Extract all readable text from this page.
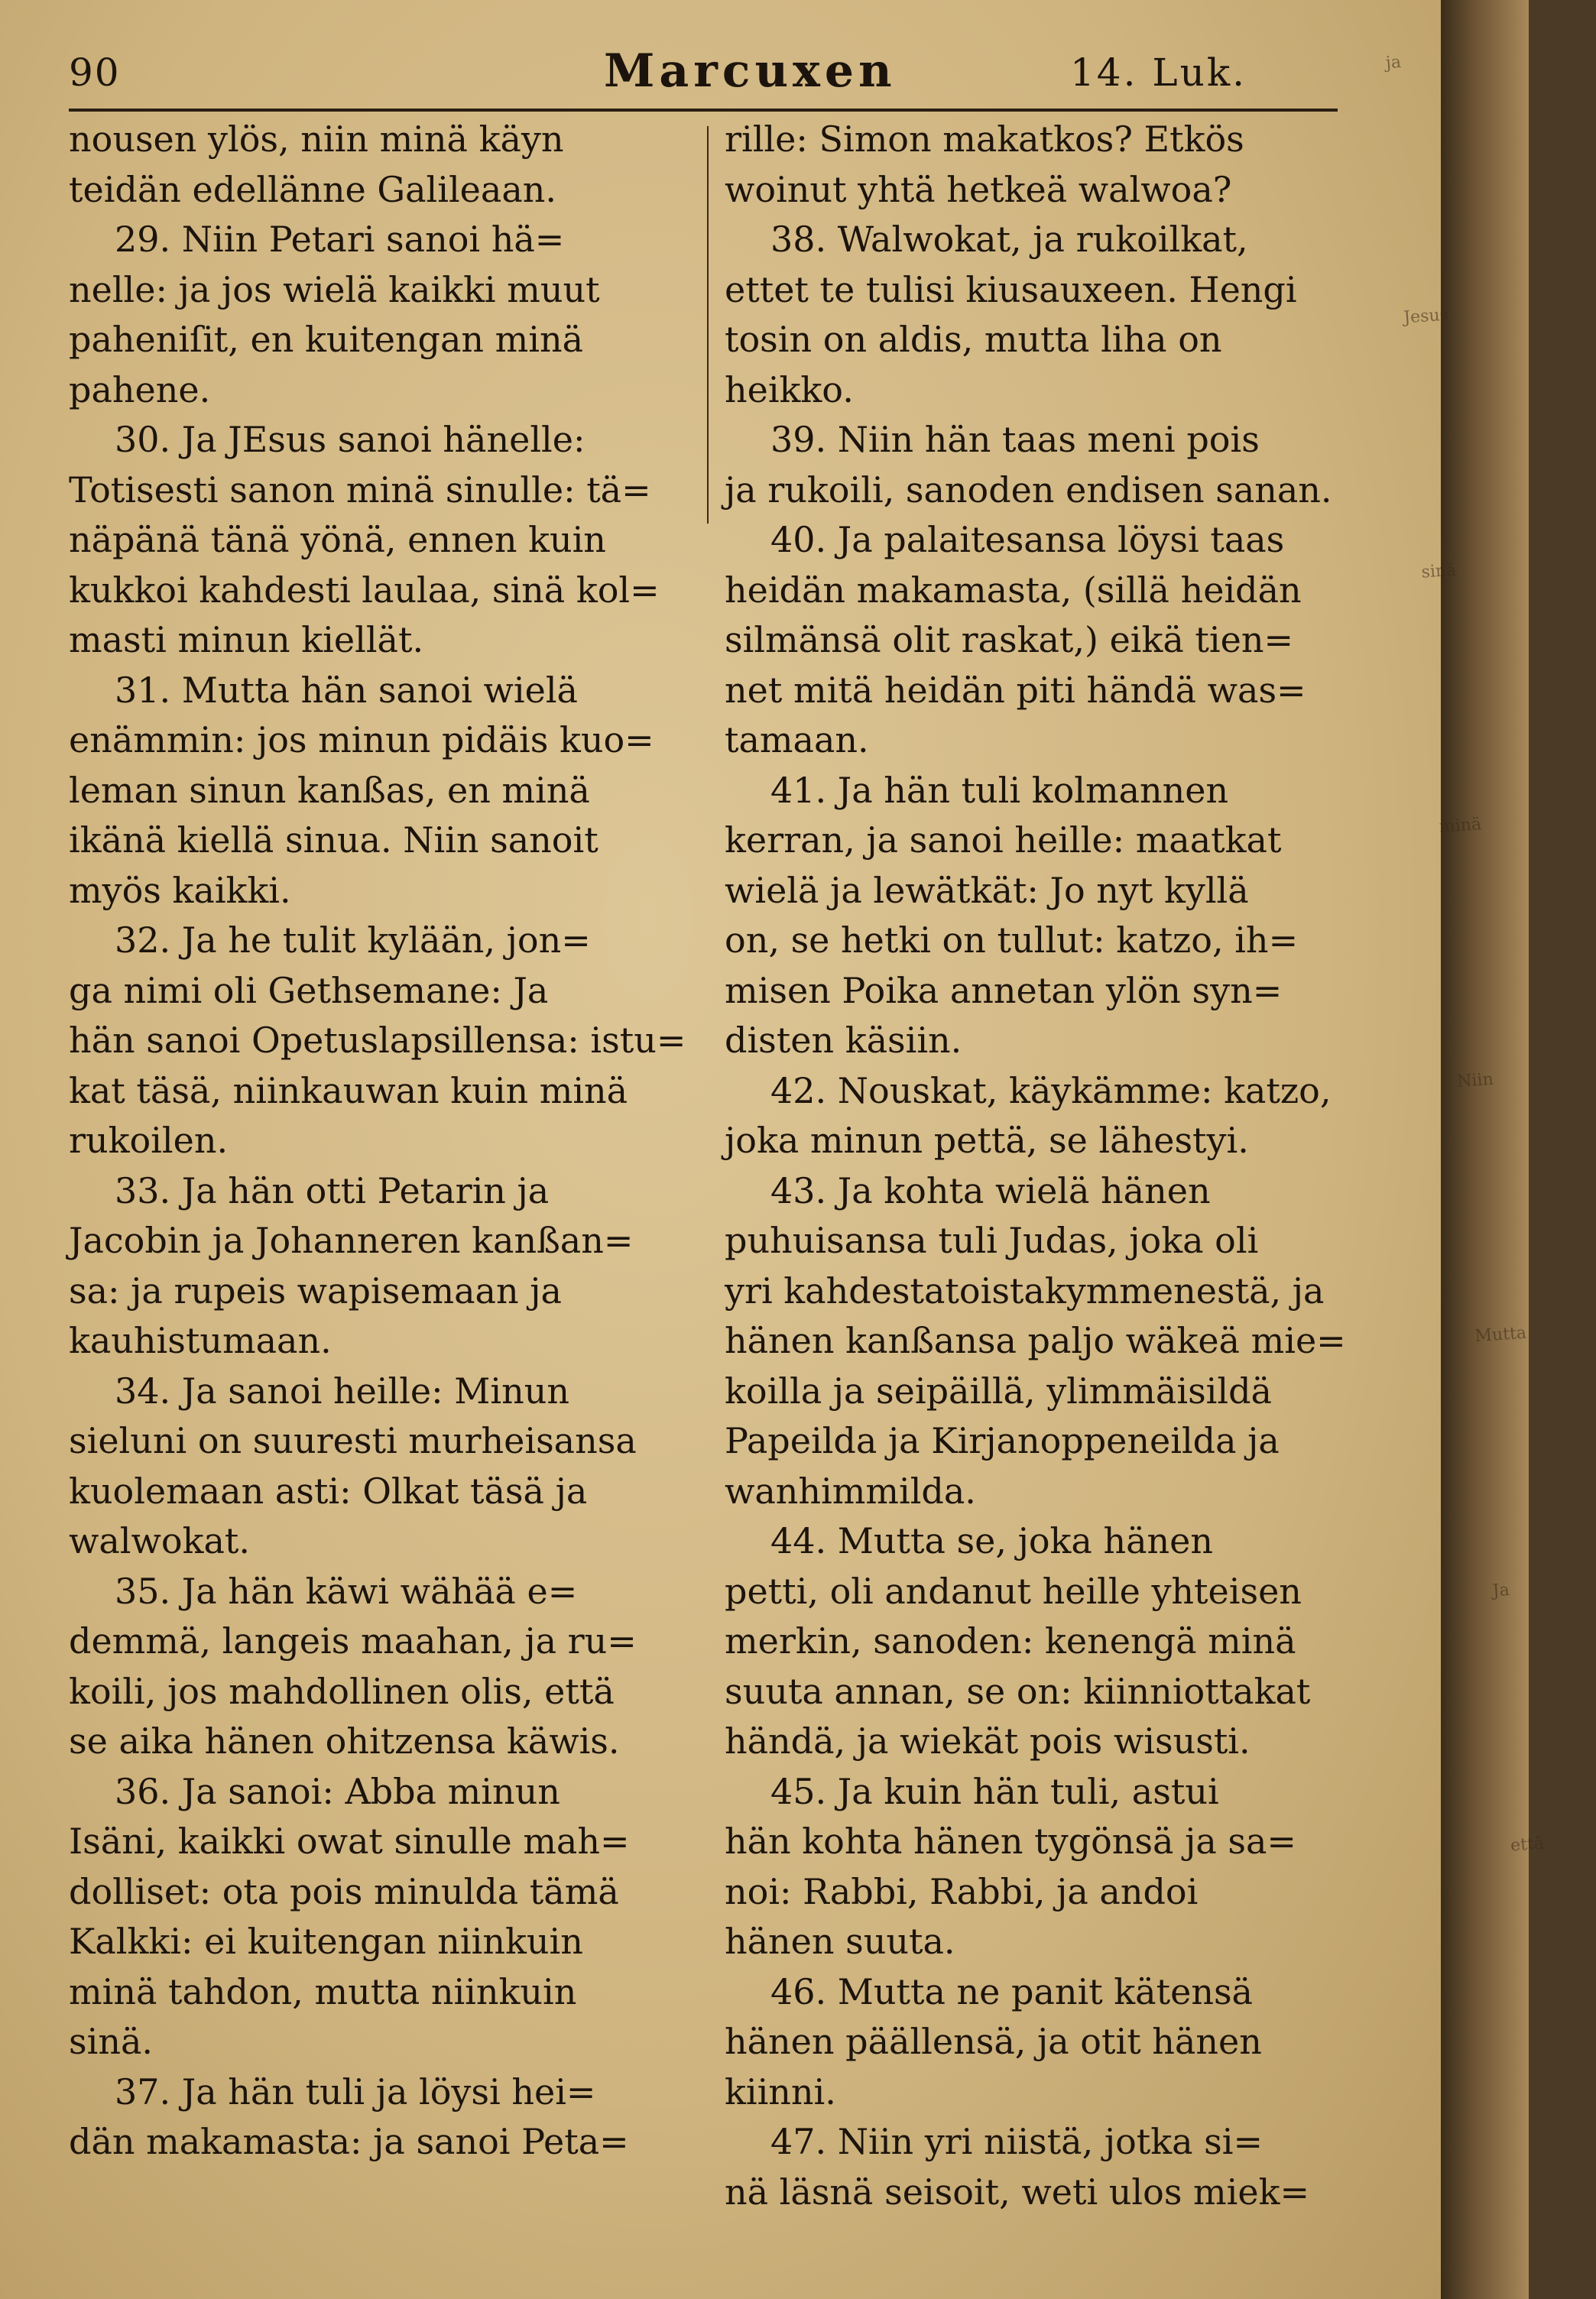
90	Marcuxen	14. Luk.
nousen ylös, niin minä käyn
teidän edellänne Galileaan.
29. Niin Petari sanoi hä=
nelle: ja jos wielä kaikki muut
paheniſit, en kuitengan minä
pahene.
30. Ja JEsus sanoi hänelle:
Totisesti sanon minä sinulle: tä=
näpänä tänä yönä, ennen kuin
kukkoi kahdesti laulaa, sinä kol=
masti minun kiellät.
31. Mutta hän sanoi wielä
enämmin: jos minun pidäis kuo=
leman sinun kanßas, en minä
ikänä kiellä sinua. Niin sanoit
myös kaikki.
32. Ja he tulit kylään, jon=
ga nimi oli Gethsemane: Ja
hän sanoi Opetuslapsillensa: istu=
kat täsä, niinkauwan kuin minä
rukoilen.
33. Ja hän otti Petarin ja
Jacobin ja Johanneren kanßan=
sa: ja rupeis wapisemaan ja
kauhistumaan.
34. Ja sanoi heille: Minun
sieluni on suuresti murheisansa
kuolemaan asti: Olkat täsä ja
walwokat.
35. Ja hän käwi wähää e=
demmä, langeis maahan, ja ru=
koili, jos mahdollinen olis, että
se aika hänen ohitzensa käwis.
36. Ja sanoi: Abba minun
Isäni, kaikki owat sinulle mah=
dolliset: ota pois minulda tämä
Kalkki: ei kuitengan niinkuin
minä tahdon, mutta niinkuin
sinä.
37. Ja hän tuli ja löysi hei=
dän makamasta: ja sanoi Peta=
rille: Simon makatkos? Etkös
woinut yhtä hetkeä walwoa?
38. Walwokat, ja rukoilkat,
ettet te tulisi kiusauxeen. Hengi
tosin on aldis, mutta liha on
heikko.
39. Niin hän taas meni pois
ja rukoili, sanoden endisen sanan.
40. Ja palaitesansa löysi taas
heidän makamasta, (sillä heidän
silmänsä olit raskat,) eikä tien=
net mitä heidän piti händä was=
tamaan.
41. Ja hän tuli kolmannen
kerran, ja sanoi heille: maatkat
wielä ja lewätkät: Jo nyt kyllä
on, se hetki on tullut: katzo, ih=
misen Poika annetan ylön syn=
disten käsiin.
42. Nouskat, käykämme: katzo,
joka minun pettä, se lähestyi.
43. Ja kohta wielä hänen
puhuisansa tuli Judas, joka oli
yri kahdestatoistakymmenestä, ja
hänen kanßansa paljo wäkeä mie=
koilla ja seipäillä, ylimmäisildä
Papeilda ja Kirjanoppeneilda ja
wanhimmilda.
44. Mutta se, joka hänen
petti, oli andanut heille yhteisen
merkin, sanoden: kenengä minä
suuta annan, se on: kiinniottakat
händä, ja wiekät pois wisusti.
45. Ja kuin hän tuli, astui
hän kohta hänen tygönsä ja sa=
noi: Rabbi, Rabbi, ja andoi
hänen suuta.
46. Mutta ne panit kätensä
hänen päällensä, ja otit hänen
kiinni.
47. Niin yri niistä, jotka si=
nä läsnä seisoit, weti ulos miek=
ja
Jesus
sinä
minä
Niin
Mutta
Ja
että
